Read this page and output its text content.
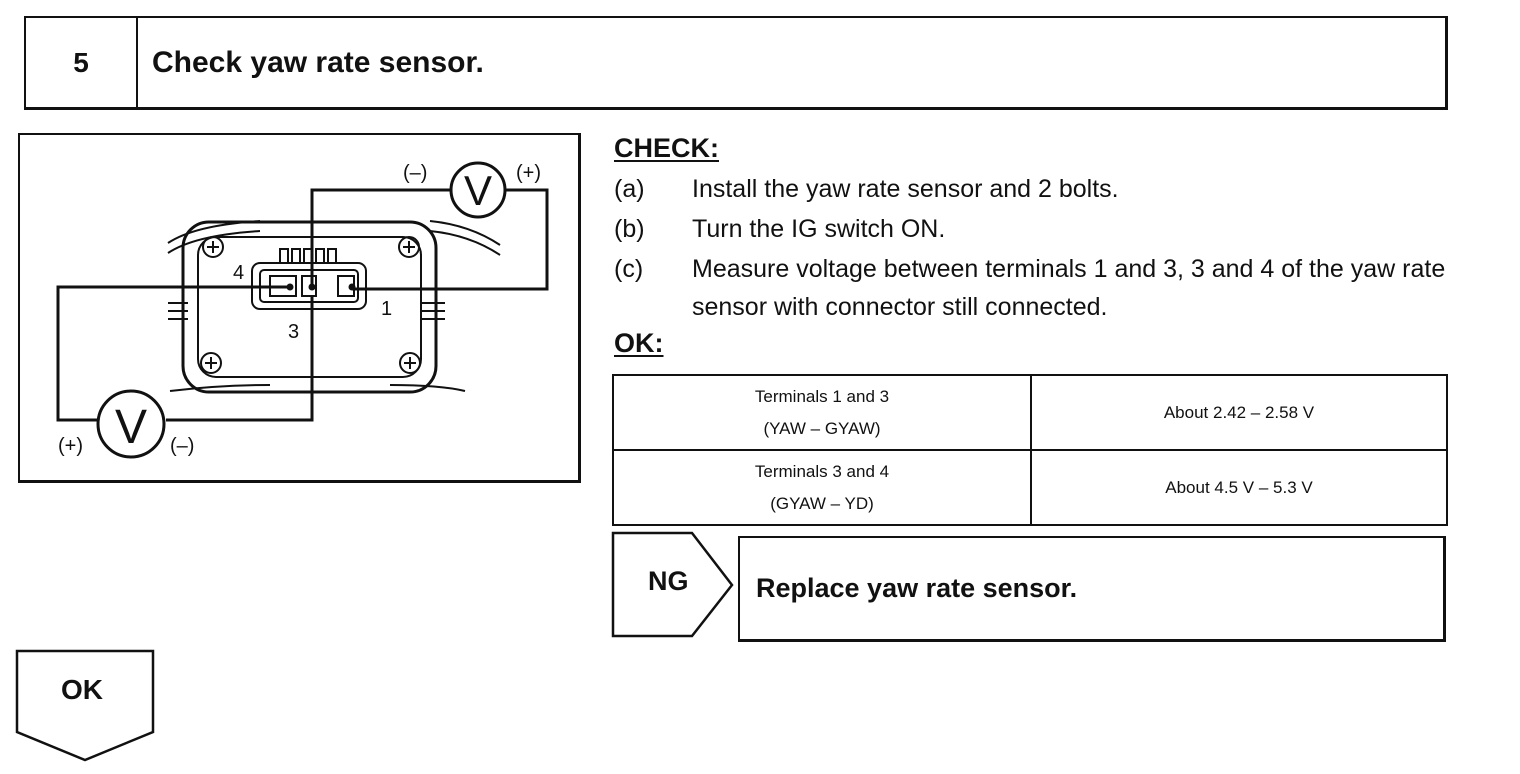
5	Check yaw rate sensor.
V
(–)	(+)
V
(+)	(–)
4
3
1
CHECK:
(a) Install the yaw rate sensor and 2 bolts.
(b) Turn the IG switch ON.
(c) Measure voltage between terminals 1 and 3, 3 and 4 of the yaw rate sensor with connector still connected.
OK:
Terminals 1 and 3
(YAW – GYAW)	About 2.42 – 2.58 V

Terminals 3 and 4
(GYAW – YD)	About 4.5 V – 5.3 V
NG	Replace yaw rate sensor.
OK
